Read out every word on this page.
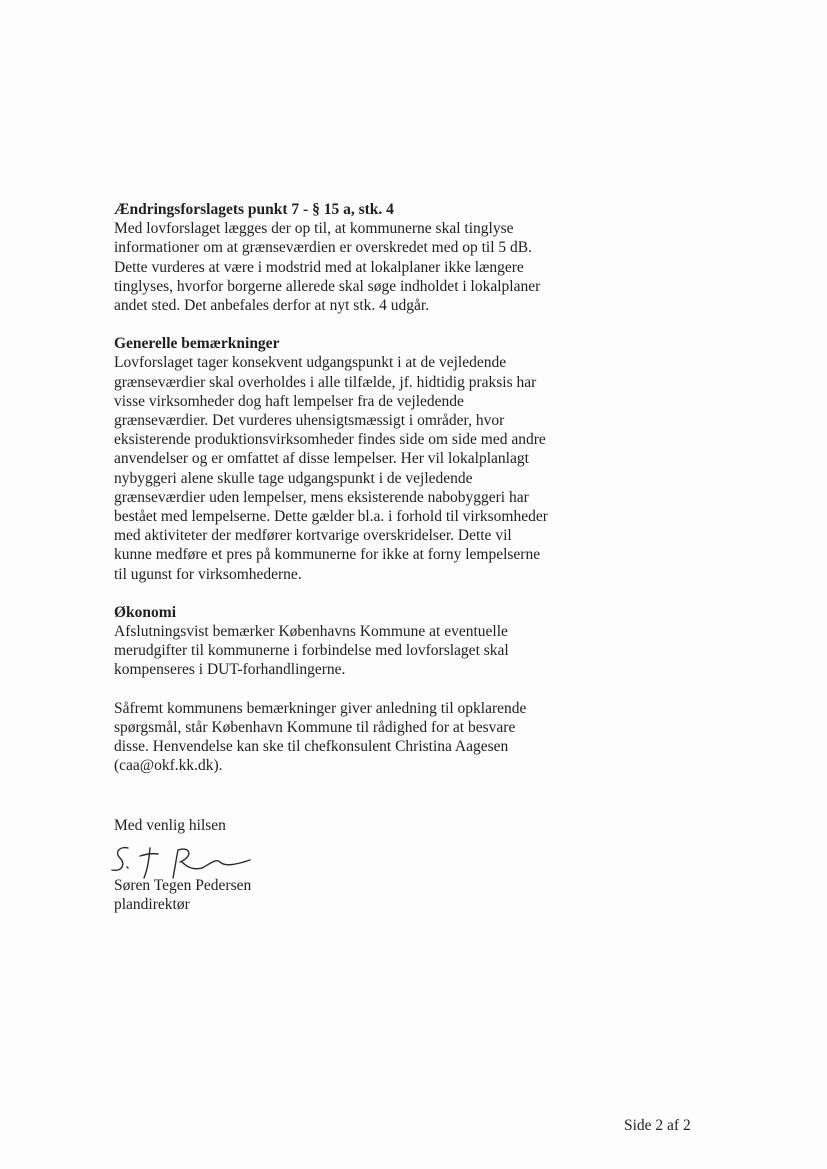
Ændringsforslagets punkt 7 - § 15 a, stk. 4
Med lovforslaget lægges der op til, at kommunerne skal tinglyse
informationer om at grænseværdien er overskredet med op til 5 dB.
Dette vurderes at være i modstrid med at lokalplaner ikke længere
tinglyses, hvorfor borgerne allerede skal søge indholdet i lokalplaner
andet sted. Det anbefales derfor at nyt stk. 4 udgår.
Generelle bemærkninger
Lovforslaget tager konsekvent udgangspunkt i at de vejledende
grænseværdier skal overholdes i alle tilfælde, jf. hidtidig praksis har
visse virksomheder dog haft lempelser fra de vejledende
grænseværdier. Det vurderes uhensigtsmæssigt i områder, hvor
eksisterende produktionsvirksomheder findes side om side med andre
anvendelser og er omfattet af disse lempelser. Her vil lokalplanlagt
nybyggeri alene skulle tage udgangspunkt i de vejledende
grænseværdier uden lempelser, mens eksisterende nabobyggeri har
bestået med lempelserne. Dette gælder bl.a. i forhold til virksomheder
med aktiviteter der medfører kortvarige overskridelser. Dette vil
kunne medføre et pres på kommunerne for ikke at forny lempelserne
til ugunst for virksomhederne.
Økonomi
Afslutningsvist bemærker Københavns Kommune at eventuelle
merudgifter til kommunerne i forbindelse med lovforslaget skal
kompenseres i DUT-forhandlingerne.
Såfremt kommunens bemærkninger giver anledning til opklarende
spørgsmål, står København Kommune til rådighed for at besvare
disse. Henvendelse kan ske til chefkonsulent Christina Aagesen
(caa@okf.kk.dk).
Med venlig hilsen
Søren Tegen Pedersen
plandirektør
Side 2 af 2
